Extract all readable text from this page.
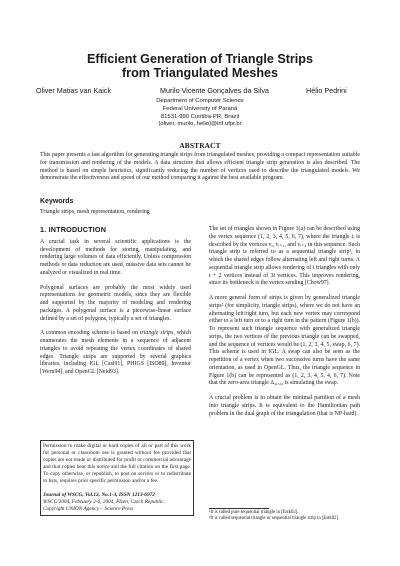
Efficient Generation of Triangle Strips
from Triangulated Meshes
Oliver Matias van Kaick	Murilo Vicente Gonçalves da Silva	Hélio Pedrini
Department of Computer Science
Federal University of Paraná
81531-990 Curitiba-PR, Brazil
{oliver, murilo, helio}@inf.ufpr.br
ABSTRACT
This paper presents a fast algorithm for generating triangle strips from triangulated meshes, providing a compact representation suitable for transmission and rendering of the models. A data structure that allows efficient triangle strip generation is also described. The method is based on simple heuristics, significantly reducing the number of vertices used to describe the triangulated models. We demonstrate the effectiveness and speed of our method comparing it against the best available program.
Keywords
Triangle strips, mesh representation, rendering
1. INTRODUCTION

A crucial task in several scientific applications is the development of methods for storing, manipulating, and rendering large volumes of data efficiently. Unless compression methods or data reduction are used, massive data sets cannot be analyzed or visualized in real time.

Polygonal surfaces are probably the most widely used representations for geometric models, since they are flexible and supported by the majority of modeling and rendering packages. A polygonal surface is a piecewise-linear surface defined by a set of polygons, typically a set of triangles.

A common encoding scheme is based on triangle strips, which enumerates the mesh elements in a sequence of adjacent triangles to avoid repeating the vertex coordinates of shared edges. Triangle strips are supported by several graphics libraries, including IGL [Casi91], PHIGS [ISO89], Inventor [Wern94], and OpenGL [Neid93].

Permission to make digital or hard copies of all or part of this work for personal or classroom use is granted without fee provided that copies are not made or distributed for profit or commercial advantage and that copies bear this notice and the full citation on the first page. To copy otherwise, or republish, to post on servers or to redistribute to lists, requires prior specific permission and/or a fee.

Journal of WSCG, Vol.12, No.1-3, ISSN 1213-6972
WSCG'2004, February 2-6, 2004, Plzen, Czech Republic.
Copyright UNION Agency – Science Press

The set of triangles shown in Figure 1(a) can be described using the vertex sequence (1, 2, 3, 4, 5, 6, 7), where the triangle tᵢ is described by the vertices vᵢ, vᵢ₊₁, and vᵢ₊₂ in this sequence. Such triangle strip is referred to as a sequential triangle strip¹, in which the shared edges follow alternating left and right turns. A sequential triangle strip allows rendering of t triangles with only t + 2 vertices instead of 3t vertices. This improves rendering, since its bottleneck is the vertex sending [Chow97].

A more general form of strips is given by generalized triangle strips² (for simplicity, triangle strips), where we do not have an alternating left/right turn, but each new vertex may correspond either to a left turn or to a right turn in the pattern (Figure 1(b)). To represent such triangle sequence with generalized triangle strips, the two vertices of the previous triangle can be swapped, and the sequence of vertices would be (1, 2, 3, 4, 5, swap, 6, 7). This scheme is used in IGL. A swap can also be seen as the repetition of a vertex when two successive turns have the same orientation, as used in OpenGL. Thus, the triangle sequence in Figure 1(b) can be represented as (1, 2, 3, 4, 5, 4, 6, 7). Note that the zero-area triangle Δ₄,₅,₄ is simulating the swap.

A crucial problem is to obtain the minimal partition of a mesh into triangle strips. It is equivalent to the Hamiltonian path problem in the dual graph of the triangulation (that is NP-hard).

¹It is called pure sequential triangle in [Estk02].
²It is called sequential triangle or sequential triangle strip in [Estk02].
